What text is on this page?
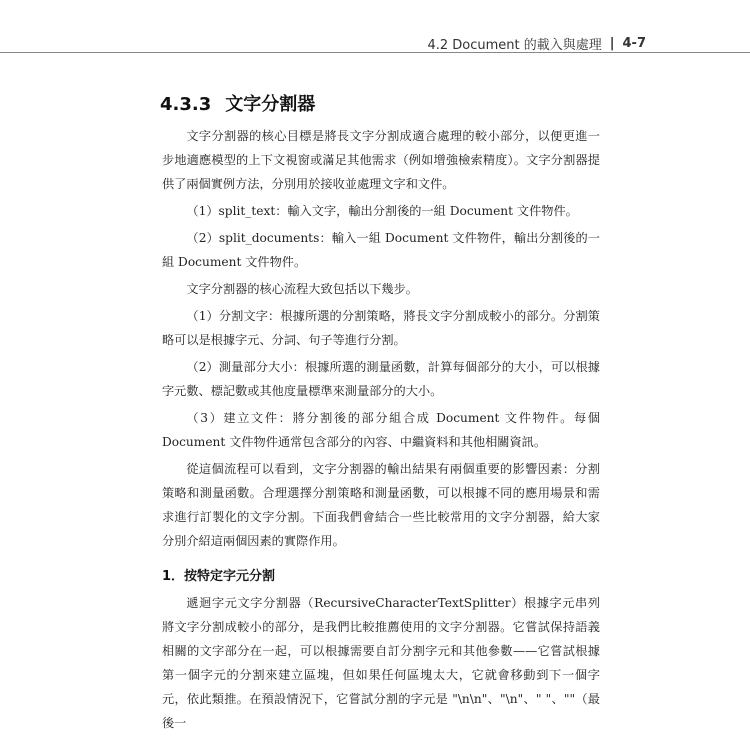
4.2 Document 的載入與處理 | 4-7
4.3.3 文字分割器

文字分割器的核心目標是將長文字分割成適合處理的較小部分，以便更進一步地適應模型的上下文視窗或滿足其他需求（例如增強檢索精度）。文字分割器提供了兩個實例方法，分別用於接收並處理文字和文件。

（1）split_text：輸入文字，輸出分割後的一組 Document 文件物件。

（2）split_documents：輸入一組 Document 文件物件，輸出分割後的一組 Document 文件物件。

文字分割器的核心流程大致包括以下幾步。

（1）分割文字：根據所選的分割策略，將長文字分割成較小的部分。分割策略可以是根據字元、分詞、句子等進行分割。

（2）測量部分大小：根據所選的測量函數，計算每個部分的大小，可以根據字元數、標記數或其他度量標準來測量部分的大小。

（3）建立文件：將分割後的部分組合成 Document 文件物件。每個 Document 文件物件通常包含部分的內容、中繼資料和其他相關資訊。

從這個流程可以看到，文字分割器的輸出結果有兩個重要的影響因素：分割策略和測量函數。合理選擇分割策略和測量函數，可以根據不同的應用場景和需求進行訂製化的文字分割。下面我們會結合一些比較常用的文字分割器，給大家分別介紹這兩個因素的實際作用。

1．按特定字元分割

遞迴字元文字分割器（RecursiveCharacterTextSplitter）根據字元串列將文字分割成較小的部分，是我們比較推薦使用的文字分割器。它嘗試保持語義相關的文字部分在一起，可以根據需要自訂分割字元和其他參數——它嘗試根據第一個字元的分割來建立區塊，但如果任何區塊太大，它就會移動到下一個字元，依此類推。在預設情況下，它嘗試分割的字元是 "\n\n"、"\n"、" "、""（最後一
